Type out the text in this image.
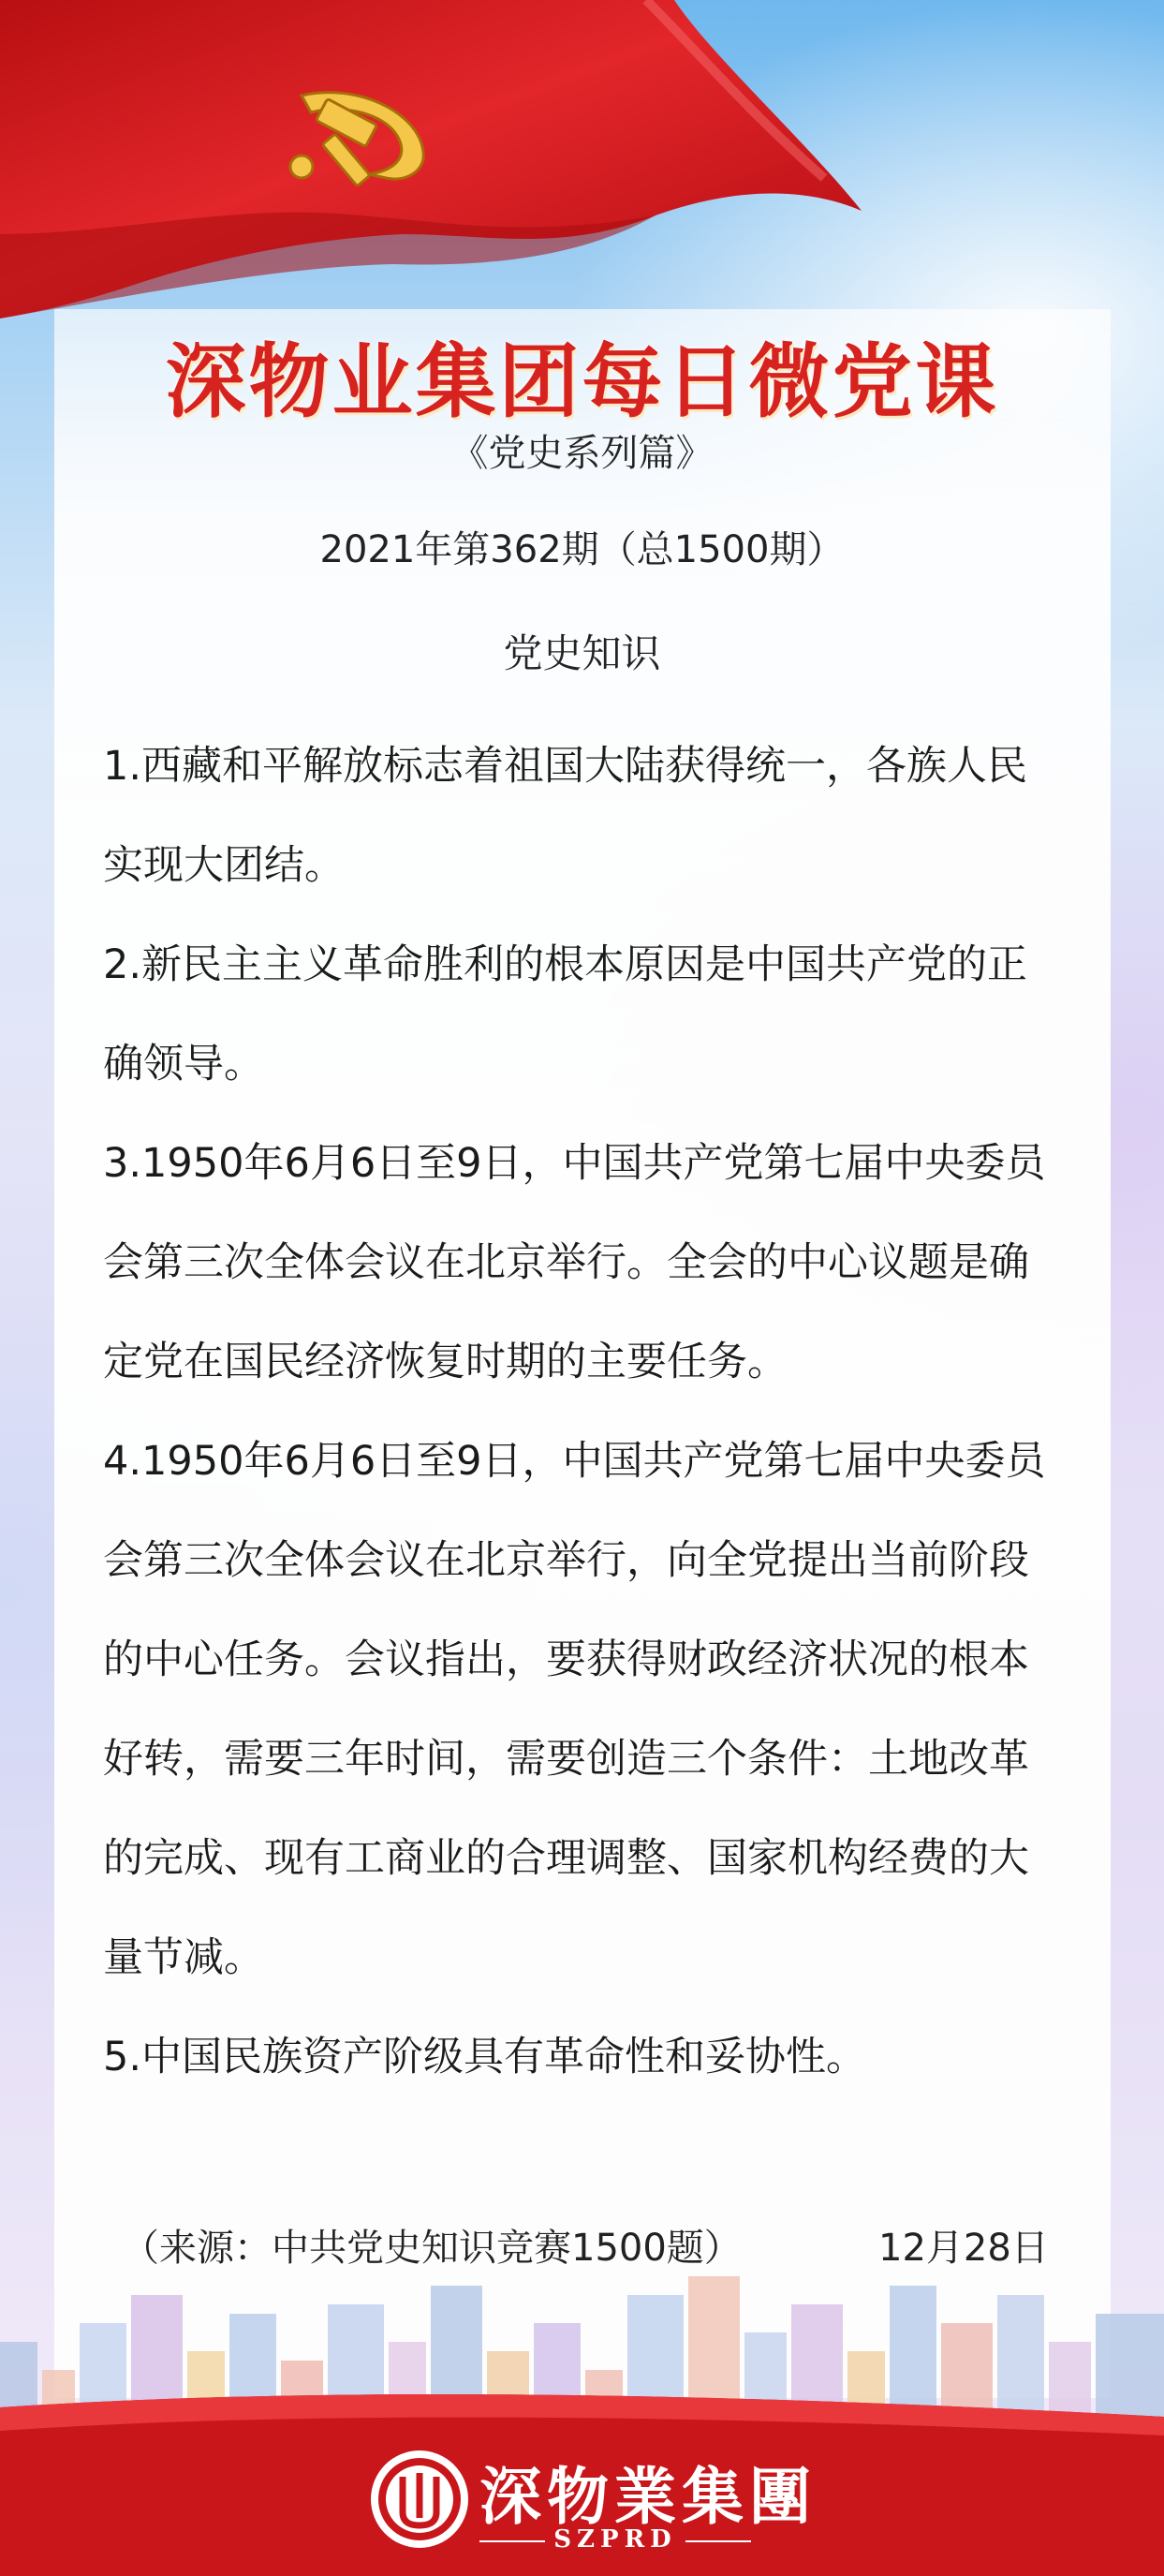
深物业集团每日微党课
《党史系列篇》
2021年第362期（总1500期）
党史知识

1.西藏和平解放标志着祖国大陆获得统一，各族人民实现大团结。

2.新民主主义革命胜利的根本原因是中国共产党的正确领导。

3.1950年6月6日至9日，中国共产党第七届中央委员会第三次全体会议在北京举行。全会的中心议题是确定党在国民经济恢复时期的主要任务。

4.1950年6月6日至9日，中国共产党第七届中央委员会第三次全体会议在北京举行，向全党提出当前阶段的中心任务。会议指出，要获得财政经济状况的根本好转，需要三年时间，需要创造三个条件：土地改革的完成、现有工商业的合理调整、国家机构经费的大量节减。

5.中国民族资产阶级具有革命性和妥协性。

（来源：中共党史知识竞赛1500题）	12月28日
深物業集團
SZPRD
